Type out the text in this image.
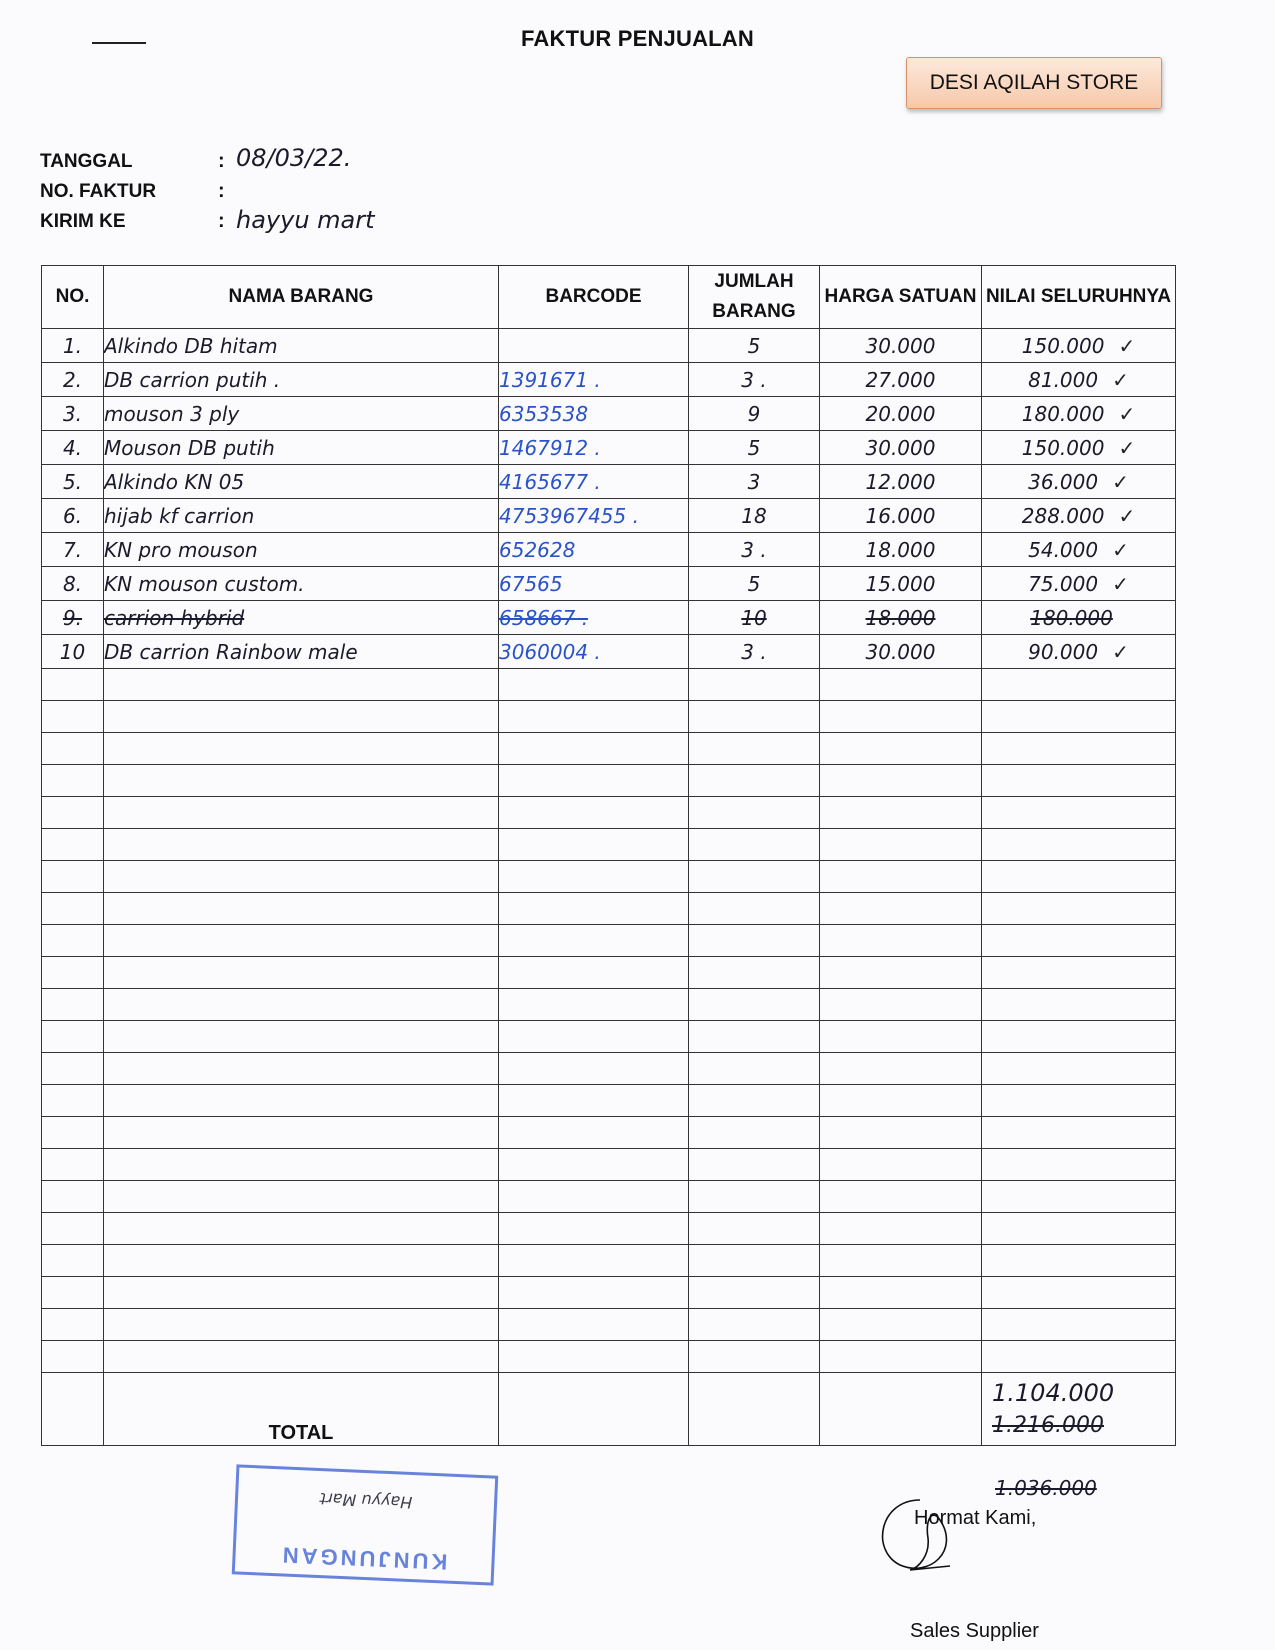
FAKTUR PENJUALAN
DESI AQILAH STORE
TANGGAL	: 08/03/22.
NO. FAKTUR	:
KIRIM KE	: hayyu mart
NO.	NAMA BARANG	BARCODE	JUMLAH BARANG	HARGA SATUAN	NILAI SELURUHNYA
1.	Alkindo DB hitam		5	30.000	150.000 ✓
2.	DB carrion putih .	1391671 .	3 .	27.000	81.000 ✓
3.	mouson 3 ply	6353538	9	20.000	180.000 ✓
4.	Mouson DB putih	1467912 .	5	30.000	150.000 ✓
5.	Alkindo KN 05	4165677 .	3	12.000	36.000 ✓
6.	hijab kf carrion	4753967455 .	18	16.000	288.000 ✓
7.	KN pro mouson	652628	3 .	18.000	54.000 ✓
8.	KN mouson custom.	67565	5	15.000	75.000 ✓
9.	carrion hybrid	658667 .	10	18.000	180.000
10	DB carrion Rainbow male	3060004 .	3 .	30.000	90.000 ✓

	TOTAL				1.104.000
1.216.000
1.036.000
Hayyu Mart
KUNJUNGAN
Hormat Kami,
Sales Supplier
